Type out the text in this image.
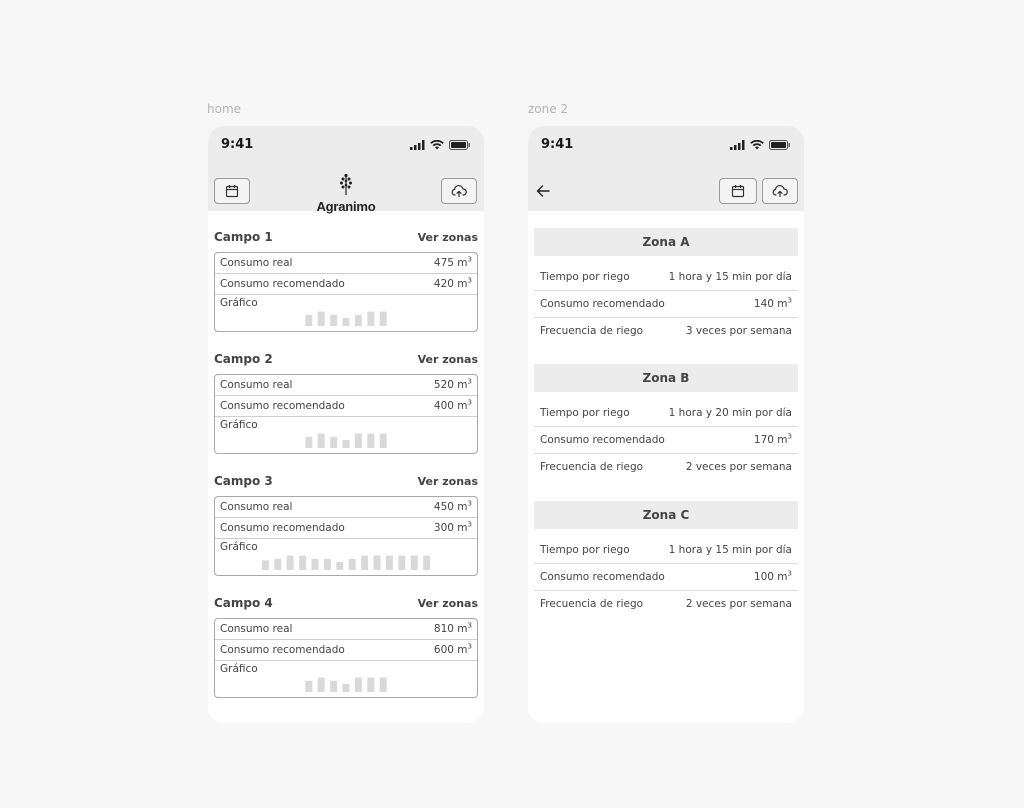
home	zone 2
9:41
Agranimo
Campo 1	Ver zonas
Consumo real	475 $m^3$
Consumo recomendado	420 $m^3$
Gráfico
Campo 2	Ver zonas
Consumo real	520 $m^3$
Consumo recomendado	400 $m^3$
Gráfico
Campo 3	Ver zonas
Consumo real	450 $m^3$
Consumo recomendado	300 $m^3$
Gráfico
Campo 4	Ver zonas
Consumo real	810 $m^3$
Consumo recomendado	600 $m^3$
Gráfico
9:41
Zona A
Tiempo por riego	1 hora y 15 min por día
Consumo recomendado	140 $m^3$
Frecuencia de riego	3 veces por semana
Zona B
Tiempo por riego	1 hora y 20 min por día
Consumo recomendado	170 $m^3$
Frecuencia de riego	2 veces por semana
Zona C
Tiempo por riego	1 hora y 15 min por día
Consumo recomendado	100 $m^3$
Frecuencia de riego	2 veces por semana
